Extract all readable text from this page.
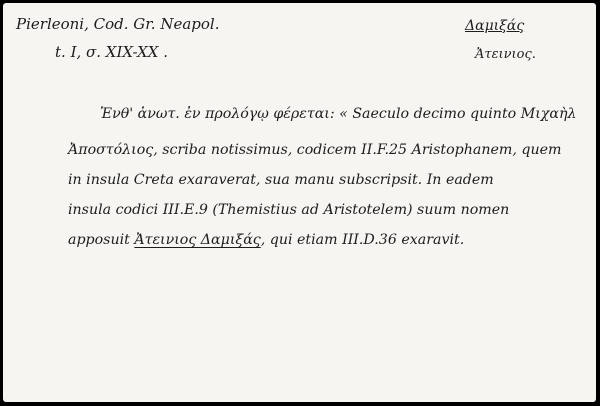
Pierleoni, Cod. Gr. Neapol.
t. I, σ. XIX-XX .
Δαμιξάς
Ἀτεινιος.
Ἐνθ' ἀνωτ. ἐν προλόγῳ φέρεται: « Saeculo decimo quinto Μιχαὴλ
Ἀποστόλιος, scriba notissimus, codicem II.F.25 Aristophanem, quem
in insula Creta exaraverat, sua manu subscripsit. In eadem
insula codici III.E.9 (Themistius ad Aristotelem) suum nomen
apposuit Ἀτεινιος Δαμιξάς, qui etiam III.D.36 exaravit.
